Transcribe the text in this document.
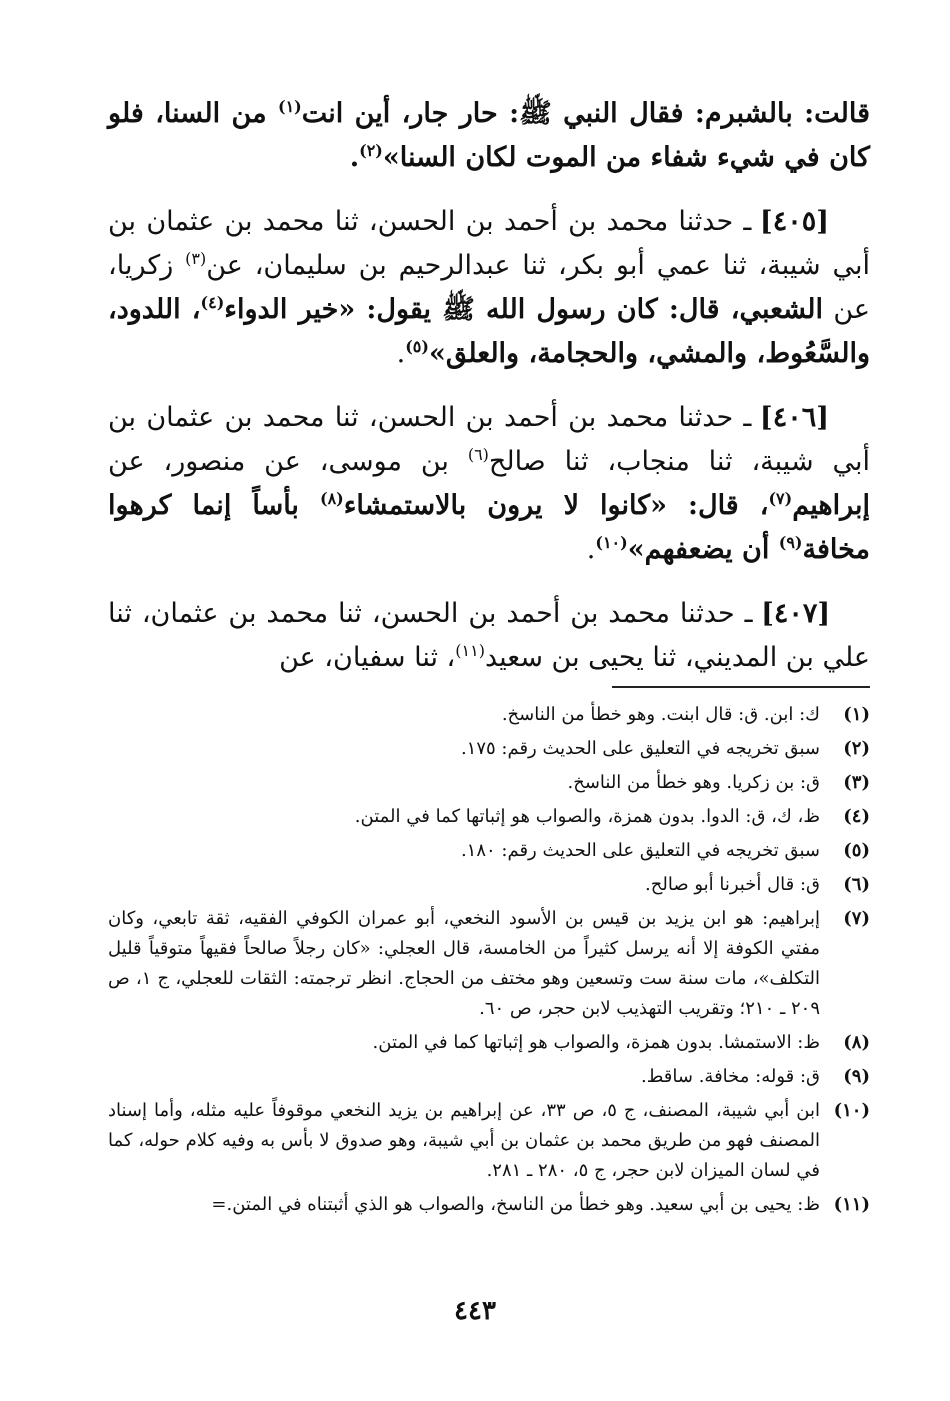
قالت: بالشبرم: فقال النبي ﷺ: حار جار، أين انت$^{(١)}$ من السنا، فلو كان في شيء شفاء من الموت لكان السنا»$^{(٢)}$.

[٤٠٥] ـ حدثنا محمد بن أحمد بن الحسن، ثنا محمد بن عثمان بن أبي شيبة، ثنا عمي أبو بكر، ثنا عبدالرحيم بن سليمان، عن$^{(٣)}$ زكريا، عن الشعبي، قال: كان رسول الله ﷺ يقول: «خير الدواء$^{(٤)}$، اللدود، والسَّعُوط، والمشي، والحجامة، والعلق»$^{(٥)}$.

[٤٠٦] ـ حدثنا محمد بن أحمد بن الحسن، ثنا محمد بن عثمان بن أبي شيبة، ثنا منجاب، ثنا صالح$^{(٦)}$ بن موسى، عن منصور، عن إبراهيم$^{(٧)}$، قال: «كانوا لا يرون بالاستمشاء$^{(٨)}$ بأساً إنما كرهوا مخافة$^{(٩)}$ أن يضعفهم»$^{(١٠)}$.

[٤٠٧] ـ حدثنا محمد بن أحمد بن الحسن، ثنا محمد بن عثمان، ثنا علي بن المديني، ثنا يحيى بن سعيد$^{(١١)}$، ثنا سفيان، عن

(١)
ك: ابن. ق: قال ابنت. وهو خطأ من الناسخ.
(٢)
سبق تخريجه في التعليق على الحديث رقم: ١٧٥.
(٣)
ق: بن زكريا. وهو خطأ من الناسخ.
(٤)
ظ، ك، ق: الدوا. بدون همزة، والصواب هو إثباتها كما في المتن.
(٥)
سبق تخريجه في التعليق على الحديث رقم: ١٨٠.
(٦)
ق: قال أخبرنا أبو صالح.
(٧)
إبراهيم: هو ابن يزيد بن قيس بن الأسود النخعي، أبو عمران الكوفي الفقيه، ثقة تابعي، وكان مفتي الكوفة إلا أنه يرسل كثيراً من الخامسة، قال العجلي: «كان رجلاً صالحاً فقيهاً متوقياً قليل التكلف»، مات سنة ست وتسعين وهو مختف من الحجاج. انظر ترجمته: الثقات للعجلي، ج ١، ص ٢٠٩ ـ ٢١٠؛ وتقريب التهذيب لابن حجر، ص ٦٠.
(٨)
ظ: الاستمشا. بدون همزة، والصواب هو إثباتها كما في المتن.
(٩)
ق: قوله: مخافة. ساقط.
(١٠)
ابن أبي شيبة، المصنف، ج ٥، ص ٣٣، عن إبراهيم بن يزيد النخعي موقوفاً عليه مثله، وأما إسناد المصنف فهو من طريق محمد بن عثمان بن أبي شيبة، وهو صدوق لا بأس به وفيه كلام حوله، كما في لسان الميزان لابن حجر، ج ٥، ٢٨٠ ـ ٢٨١.
(١١)
ظ: يحيى بن أبي سعيد. وهو خطأ من الناسخ، والصواب هو الذي أثبتناه في المتن.=
٤٤٣
